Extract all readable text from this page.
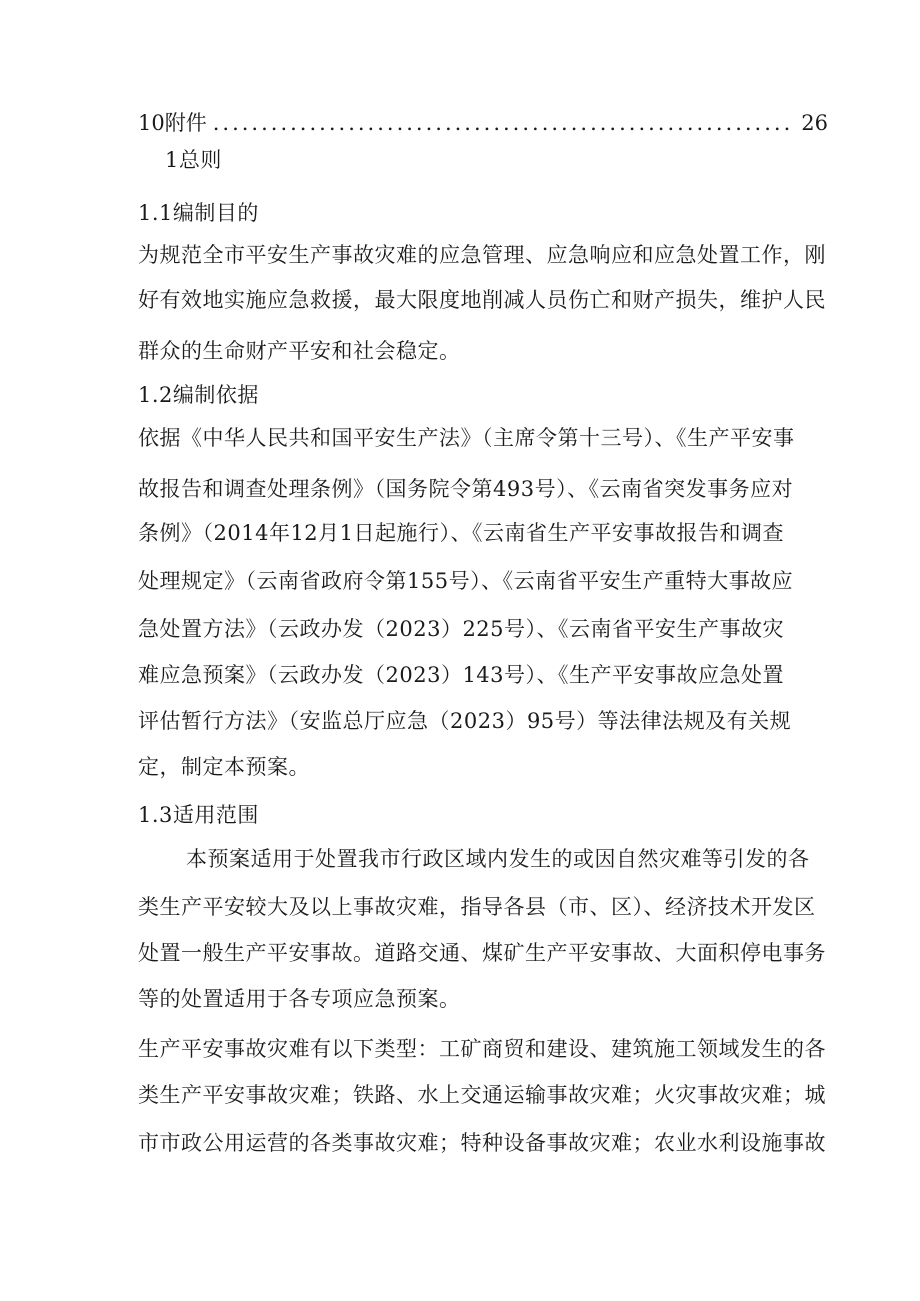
10附件
.....	26
1总则
1.1编制目的
为规范全市平安生产事故灾难的应急管理、应急响应和应急处置工作，刚
好有效地实施应急救援，最大限度地削减人员伤亡和财产损失，维护人民
群众的生命财产平安和社会稳定。
1.2编制依据
依据《中华人民共和国平安生产法》（主席令第十三号）、《生产平安事
故报告和调查处理条例》（国务院令第493号）、《云南省突发事务应对
条例》（2014年12月1日起施行）、《云南省生产平安事故报告和调查
处理规定》（云南省政府令第155号）、《云南省平安生产重特大事故应
急处置方法》（云政办发（2023）225号）、《云南省平安生产事故灾
难应急预案》（云政办发（2023）143号）、《生产平安事故应急处置
评估暂行方法》（安监总厅应急（2023）95号）等法律法规及有关规
定，制定本预案。
1.3适用范围
本预案适用于处置我市行政区域内发生的或因自然灾难等引发的各
类生产平安较大及以上事故灾难，指导各县（市、区）、经济技术开发区
处置一般生产平安事故。道路交通、煤矿生产平安事故、大面积停电事务
等的处置适用于各专项应急预案。
生产平安事故灾难有以下类型：工矿商贸和建设、建筑施工领域发生的各
类生产平安事故灾难；铁路、水上交通运输事故灾难；火灾事故灾难；城
市市政公用运营的各类事故灾难；特种设备事故灾难；农业水利设施事故
